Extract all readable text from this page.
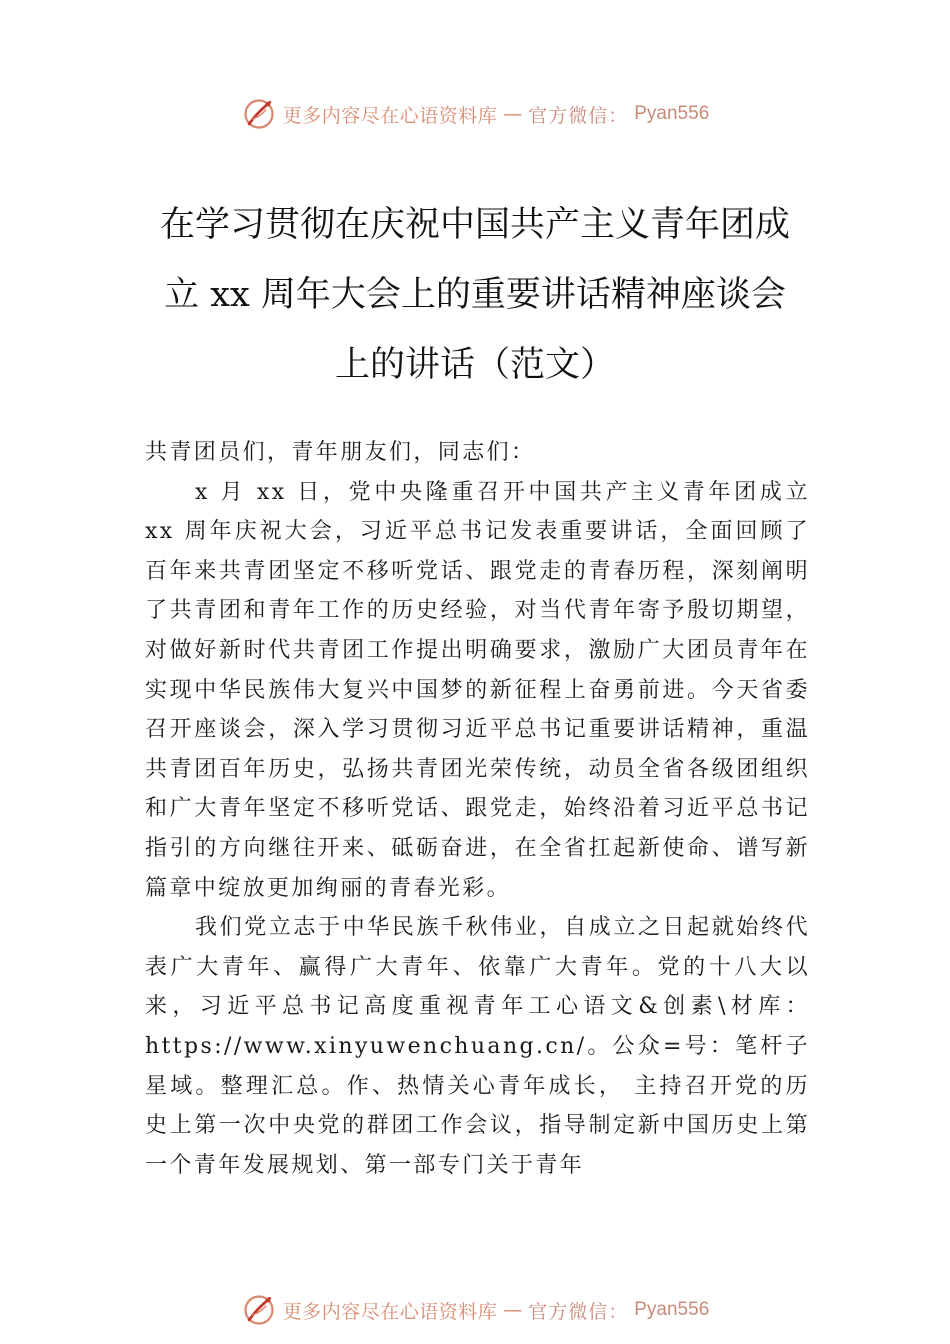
更多内容尽在心语资料库 — 官方微信： Pyan556
在学习贯彻在庆祝中国共产主义青年团成
立 xx 周年大会上的重要讲话精神座谈会
上的讲话（范文）

共青团员们，青年朋友们，同志们：

x 月 xx 日，党中央隆重召开中国共产主义青年团成立 xx 周年庆祝大会，习近平总书记发表重要讲话，全面回顾了百年来共青团坚定不移听党话、跟党走的青春历程，深刻阐明了共青团和青年工作的历史经验，对当代青年寄予殷切期望，对做好新时代共青团工作提出明确要求，激励广大团员青年在实现中华民族伟大复兴中国梦的新征程上奋勇前进。今天省委召开座谈会，深入学习贯彻习近平总书记重要讲话精神，重温共青团百年历史，弘扬共青团光荣传统，动员全省各级团组织和广大青年坚定不移听党话、跟党走，始终沿着习近平总书记指引的方向继往开来、砥砺奋进，在全省扛起新使命、谱写新篇章中绽放更加绚丽的青春光彩。

我们党立志于中华民族千秋伟业，自成立之日起就始终代表广大青年、赢得广大青年、依靠广大青年。党的十八大以来，习近平总书记高度重视青年工心语文&创素\材库：https://www.xinyuwenchuang.cn/。公众=号：笔杆子星域。整理汇总。作、热情关心青年成长， 主持召开党的历史上第一次中央党的群团工作会议，指导制定新中国历史上第一个青年发展规划、第一部专门关于青年

更多内容尽在心语资料库 — 官方微信： Pyan556
